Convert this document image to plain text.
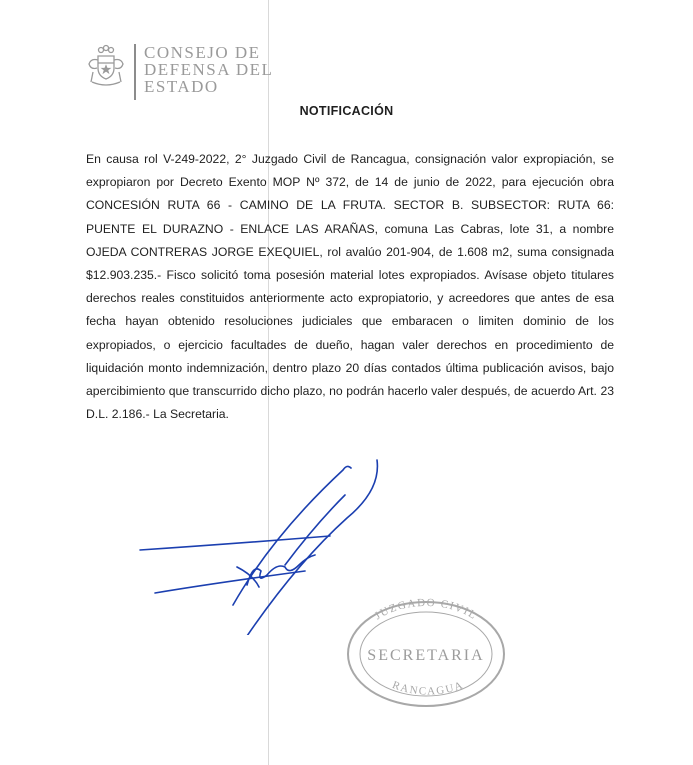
CONSEJO DE
DEFENSA DEL
ESTADO
NOTIFICACIÓN

En causa rol V-249-2022, 2° Juzgado Civil de Rancagua, consignación valor expropiación, se expropiaron por Decreto Exento MOP Nº 372, de 14 de junio de 2022, para ejecución obra CONCESIÓN RUTA 66 - CAMINO DE LA FRUTA. SECTOR B. SUBSECTOR: RUTA 66: PUENTE EL DURAZNO - ENLACE LAS ARAÑAS, comuna Las Cabras, lote 31, a nombre OJEDA CONTRERAS JORGE EXEQUIEL, rol avalúo 201-904, de 1.608 m2, suma consignada $12.903.235.- Fisco solicitó toma posesión material lotes expropiados. Avísase objeto titulares derechos reales constituidos anteriormente acto expropiatorio, y acreedores que antes de esa fecha hayan obtenido resoluciones judiciales que embaracen o limiten dominio de los expropiados, o ejercicio facultades de dueño, hagan valer derechos en procedimiento de liquidación monto indemnización, dentro plazo 20 días contados última publicación avisos, bajo apercibimiento que transcurrido dicho plazo, no podrán hacerlo valer después, de acuerdo Art. 23 D.L. 2.186.- La Secretaria.

JUZGADO CIVIL
SECRETARIA
RANCAGUA
